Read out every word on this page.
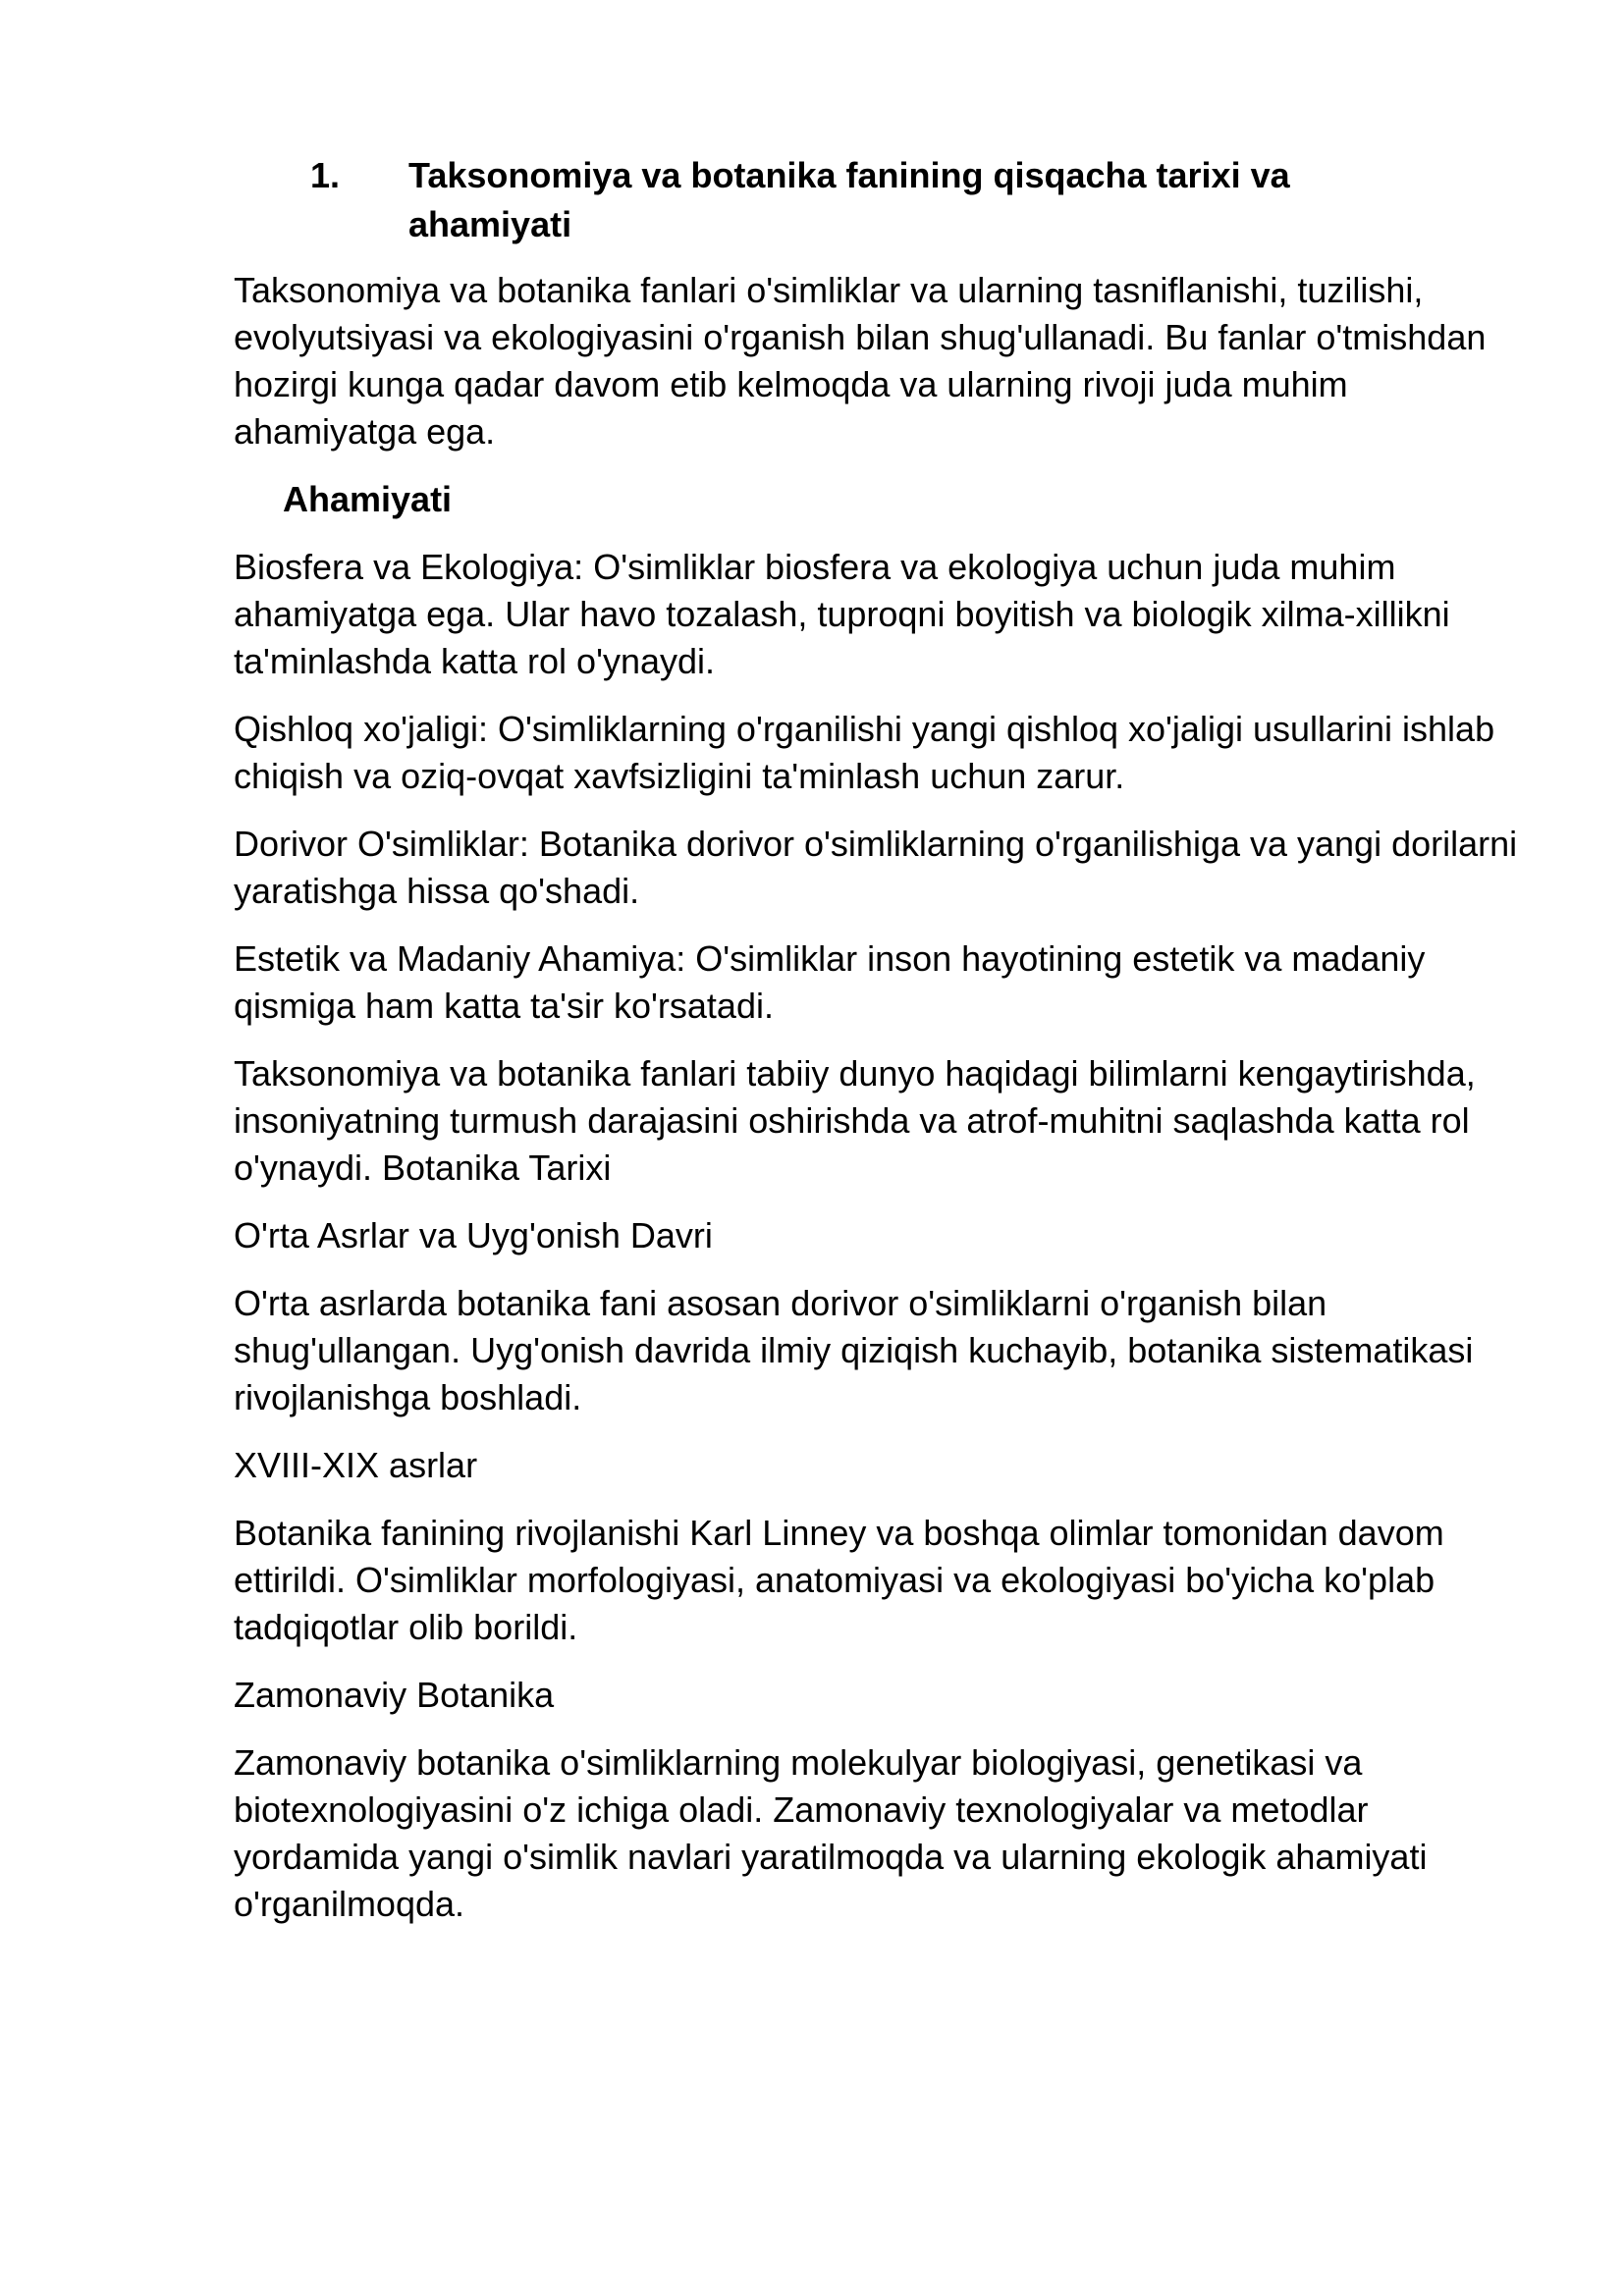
1.	Taksonomiya va botanika fanining qisqacha tarixi va ahamiyati

Taksonomiya va botanika fanlari o'simliklar va ularning tasniflanishi, tuzilishi, evolyutsiyasi va ekologiyasini o'rganish bilan shug'ullanadi. Bu fanlar o'tmishdan hozirgi kunga qadar davom etib kelmoqda va ularning rivoji juda muhim ahamiyatga ega.

Ahamiyati

Biosfera va Ekologiya: O'simliklar biosfera va ekologiya uchun juda muhim ahamiyatga ega. Ular havo tozalash, tuproqni boyitish va biologik xilma-xillikni ta'minlashda katta rol o'ynaydi.

Qishloq xo'jaligi: O'simliklarning o'rganilishi yangi qishloq xo'jaligi usullarini ishlab chiqish va oziq-ovqat xavfsizligini ta'minlash uchun zarur.

Dorivor O'simliklar: Botanika dorivor o'simliklarning o'rganilishiga va yangi dorilarni yaratishga hissa qo'shadi.

Estetik va Madaniy Ahamiya: O'simliklar inson hayotining estetik va madaniy qismiga ham katta ta'sir ko'rsatadi.

Taksonomiya va botanika fanlari tabiiy dunyo haqidagi bilimlarni kengaytirishda, insoniyatning turmush darajasini oshirishda va atrof-muhitni saqlashda katta rol o'ynaydi. Botanika Tarixi

O'rta Asrlar va Uyg'onish Davri

O'rta asrlarda botanika fani asosan dorivor o'simliklarni o'rganish bilan shug'ullangan. Uyg'onish davrida ilmiy qiziqish kuchayib, botanika sistematikasi rivojlanishga boshladi.

XVIII-XIX asrlar

Botanika fanining rivojlanishi Karl Linney va boshqa olimlar tomonidan davom ettirildi. O'simliklar morfologiyasi, anatomiyasi va ekologiyasi bo'yicha ko'plab tadqiqotlar olib borildi.

Zamonaviy Botanika

Zamonaviy botanika o'simliklarning molekulyar biologiyasi, genetikasi va biotexnologiyasini o'z ichiga oladi. Zamonaviy texnologiyalar va metodlar yordamida yangi o'simlik navlari yaratilmoqda va ularning ekologik ahamiyati o'rganilmoqda.
